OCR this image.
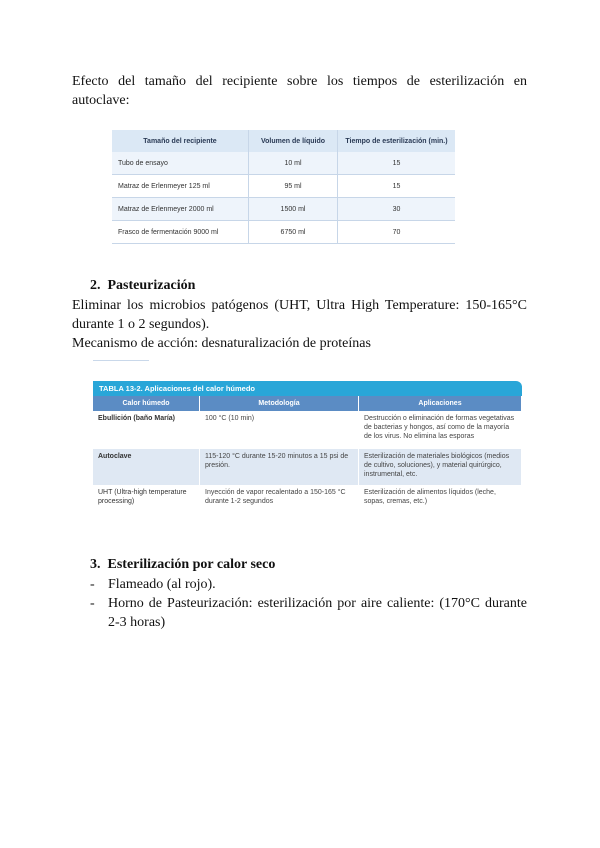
Efecto del tamaño del recipiente sobre los tiempos de esterilización en autoclave:

Tamaño del recipiente	Volumen de líquido	Tiempo de esterilización (min.)
Tubo de ensayo	10 ml	15
Matraz de Erlenmeyer 125 ml	95 ml	15
Matraz de Erlenmeyer 2000 ml	1500 ml	30
Frasco de fermentación 9000 ml	6750 ml	70

2. Pasteurización

Eliminar los microbios patógenos (UHT, Ultra High Temperature: 150-165°C durante 1 o 2 segundos).

Mecanismo de acción: desnaturalización de proteínas

TABLA 13-2. Aplicaciones del calor húmedo
Calor húmedo	Metodología	Aplicaciones
Ebullición (baño María)	100 °C (10 min)	Destrucción o eliminación de formas vegetativas de bacterias y hongos, así como de la mayoría de los virus. No elimina las esporas
Autoclave	115-120 °C durante 15-20 minutos a 15 psi de presión.	Esterilización de materiales biológicos (medios de cultivo, soluciones), y material quirúrgico, instrumental, etc.
UHT (Ultra-high temperature processing)	Inyección de vapor recalentado a 150-165 °C durante 1-2 segundos	Esterilización de alimentos líquidos (leche, sopas, cremas, etc.)

3. Esterilización por calor seco

- Flameado (al rojo).
- Horno de Pasteurización: esterilización por aire caliente: (170°C durante 2-3 horas)
